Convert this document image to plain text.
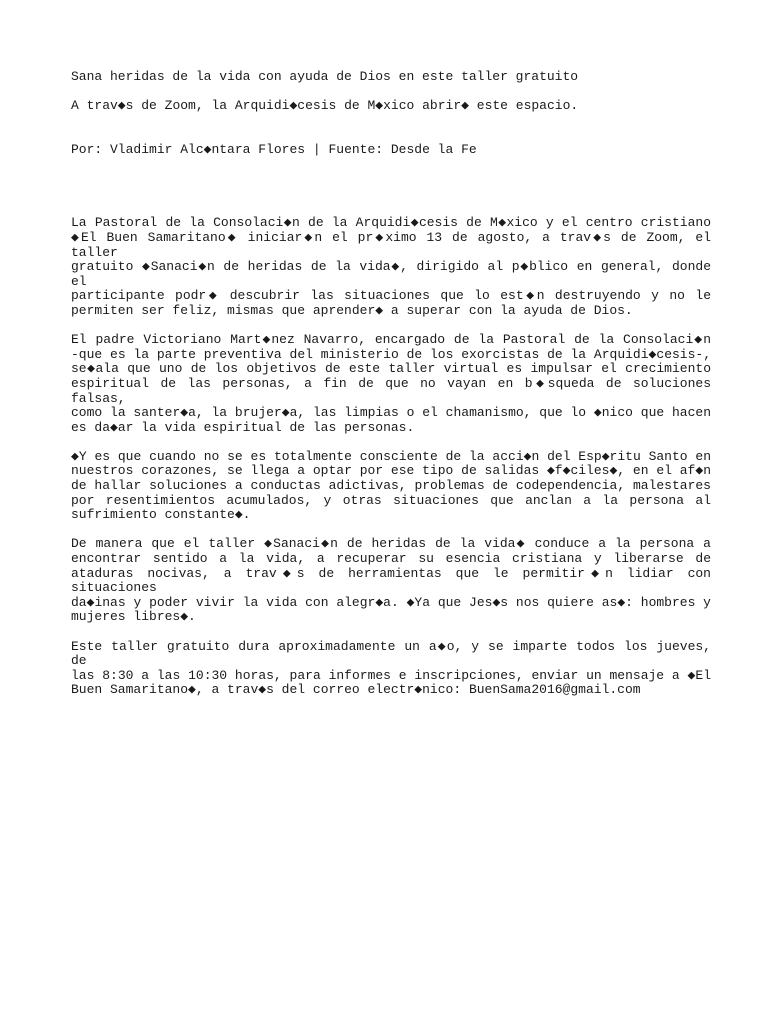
Sana heridas de la vida con ayuda de Dios en este taller gratuito
A trav◆s de Zoom, la Arquidi◆cesis de M◆xico abrir◆ este espacio.
Por: Vladimir Alc◆ntara Flores | Fuente: Desde la Fe
La Pastoral de la Consolaci◆n de la Arquidi◆cesis de M◆xico y el centro cristiano
◆El Buen Samaritano◆ iniciar◆n el pr◆ximo 13 de agosto, a trav◆s de Zoom, el taller
gratuito ◆Sanaci◆n de heridas de la vida◆, dirigido al p◆blico en general, donde el
participante podr◆ descubrir las situaciones que lo est◆n destruyendo y no le
permiten ser feliz, mismas que aprender◆ a superar con la ayuda de Dios.
El padre Victoriano Mart◆nez Navarro, encargado de la Pastoral de la Consolaci◆n
-que es la parte preventiva del ministerio de los exorcistas de la Arquidi◆cesis-,
se◆ala que uno de los objetivos de este taller virtual es impulsar el crecimiento
espiritual de las personas, a fin de que no vayan en b◆squeda de soluciones falsas,
como la santer◆a, la brujer◆a, las limpias o el chamanismo, que lo ◆nico que hacen
es da◆ar la vida espiritual de las personas.
◆Y es que cuando no se es totalmente consciente de la acci◆n del Esp◆ritu Santo en
nuestros corazones, se llega a optar por ese tipo de salidas ◆f◆ciles◆, en el af◆n
de hallar soluciones a conductas adictivas, problemas de codependencia, malestares
por resentimientos acumulados, y otras situaciones que anclan a la persona al
sufrimiento constante◆.
De manera que el taller ◆Sanaci◆n de heridas de la vida◆ conduce a la persona a
encontrar sentido a la vida, a recuperar su esencia cristiana y liberarse de
ataduras nocivas, a trav◆s de herramientas que le permitir◆n lidiar con situaciones
da◆inas y poder vivir la vida con alegr◆a. ◆Ya que Jes◆s nos quiere as◆: hombres y
mujeres libres◆.
Este taller gratuito dura aproximadamente un a◆o, y se imparte todos los jueves, de
las 8:30 a las 10:30 horas, para informes e inscripciones, enviar un mensaje a ◆El
Buen Samaritano◆, a trav◆s del correo electr◆nico: BuenSama2016@gmail.com
